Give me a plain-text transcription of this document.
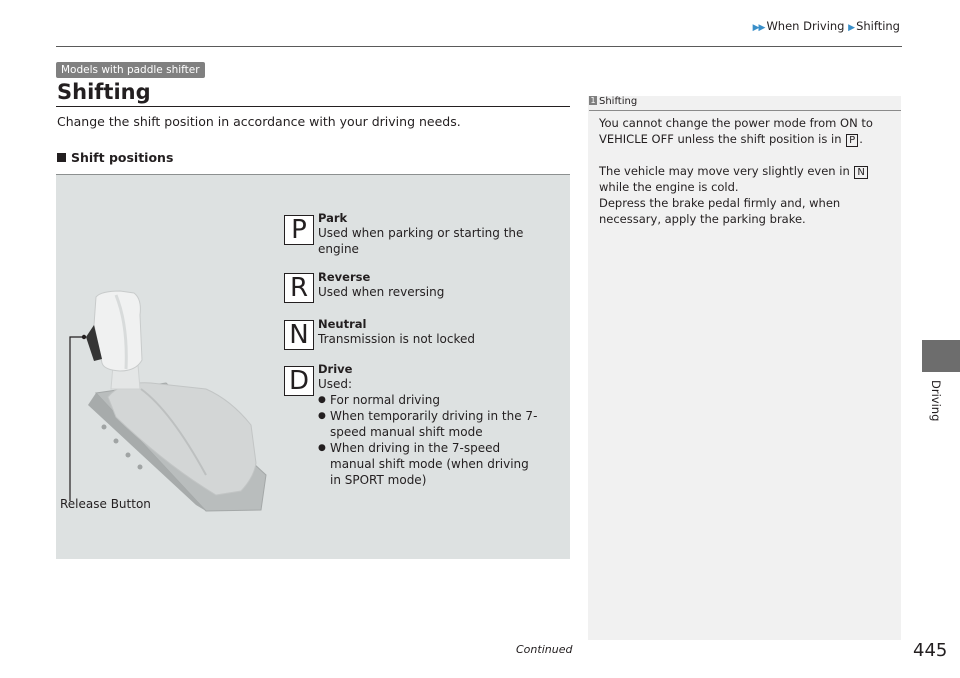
▶▶ When Driving ▶ Shifting
Models with paddle shifter
Shifting
Change the shift position in accordance with your driving needs.
Shift positions
P Park
Used when parking or starting the engine
R Reverse
Used when reversing
N Neutral
Transmission is not locked
D Drive
Used:
● For normal driving
● When temporarily driving in the 7-speed manual shift mode
● When driving in the 7-speed manual shift mode (when driving in SPORT mode)
Release Button
1 Shifting
You cannot change the power mode from ON to VEHICLE OFF unless the shift position is in P .
The vehicle may move very slightly even in N while the engine is cold.
Depress the brake pedal firmly and, when necessary, apply the parking brake.
Driving
Continued	445
